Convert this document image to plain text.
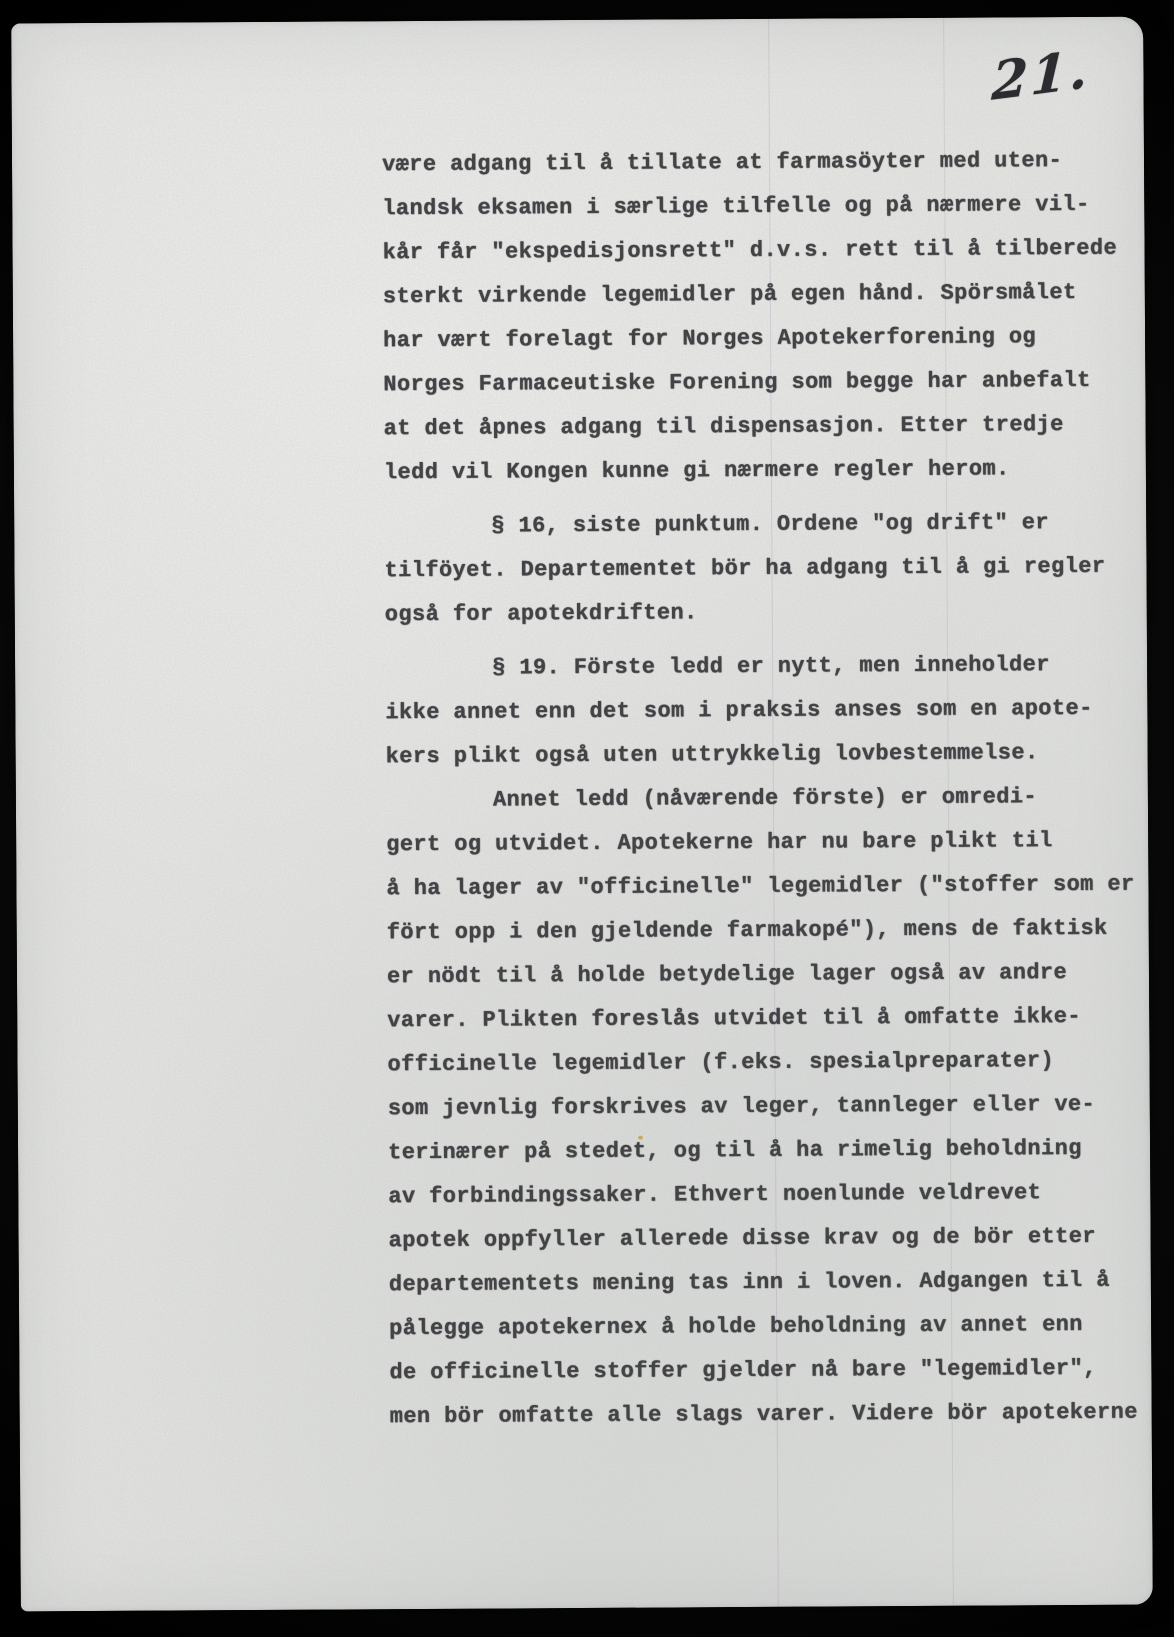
21.
være adgang til å tillate at farmasöyter med uten-
landsk eksamen i særlige tilfelle og på nærmere vil-
kår får "ekspedisjonsrett" d.v.s. rett til å tilberede
sterkt virkende legemidler på egen hånd. Spörsmålet
har vært forelagt for Norges Apotekerforening og
Norges Farmaceutiske Forening som begge har anbefalt
at det åpnes adgang til dispensasjon. Etter tredje
ledd vil Kongen kunne gi nærmere regler herom.
§ 16, siste punktum. Ordene "og drift" er
tilföyet. Departementet bör ha adgang til å gi regler
også for apotekdriften.
§ 19. Förste ledd er nytt, men inneholder
ikke annet enn det som i praksis anses som en apote-
kers plikt også uten uttrykkelig lovbestemmelse.
Annet ledd (nåværende förste) er omredi-
gert og utvidet. Apotekerne har nu bare plikt til
å ha lager av "officinelle" legemidler ("stoffer som er
fört opp i den gjeldende farmakopé"), mens de faktisk
er nödt til å holde betydelige lager også av andre
varer. Plikten foreslås utvidet til å omfatte ikke-
officinelle legemidler (f.eks. spesialpreparater)
som jevnlig forskrives av leger, tannleger eller ve-
terinærer på stedet, og til å ha rimelig beholdning
av forbindingssaker. Ethvert noenlunde veldrevet
apotek oppfyller allerede disse krav og de bör etter
departementets mening tas inn i loven. Adgangen til å
pålegge apotekernex å holde beholdning av annet enn
de officinelle stoffer gjelder nå bare "legemidler",
men bör omfatte alle slags varer. Videre bör apotekerne
